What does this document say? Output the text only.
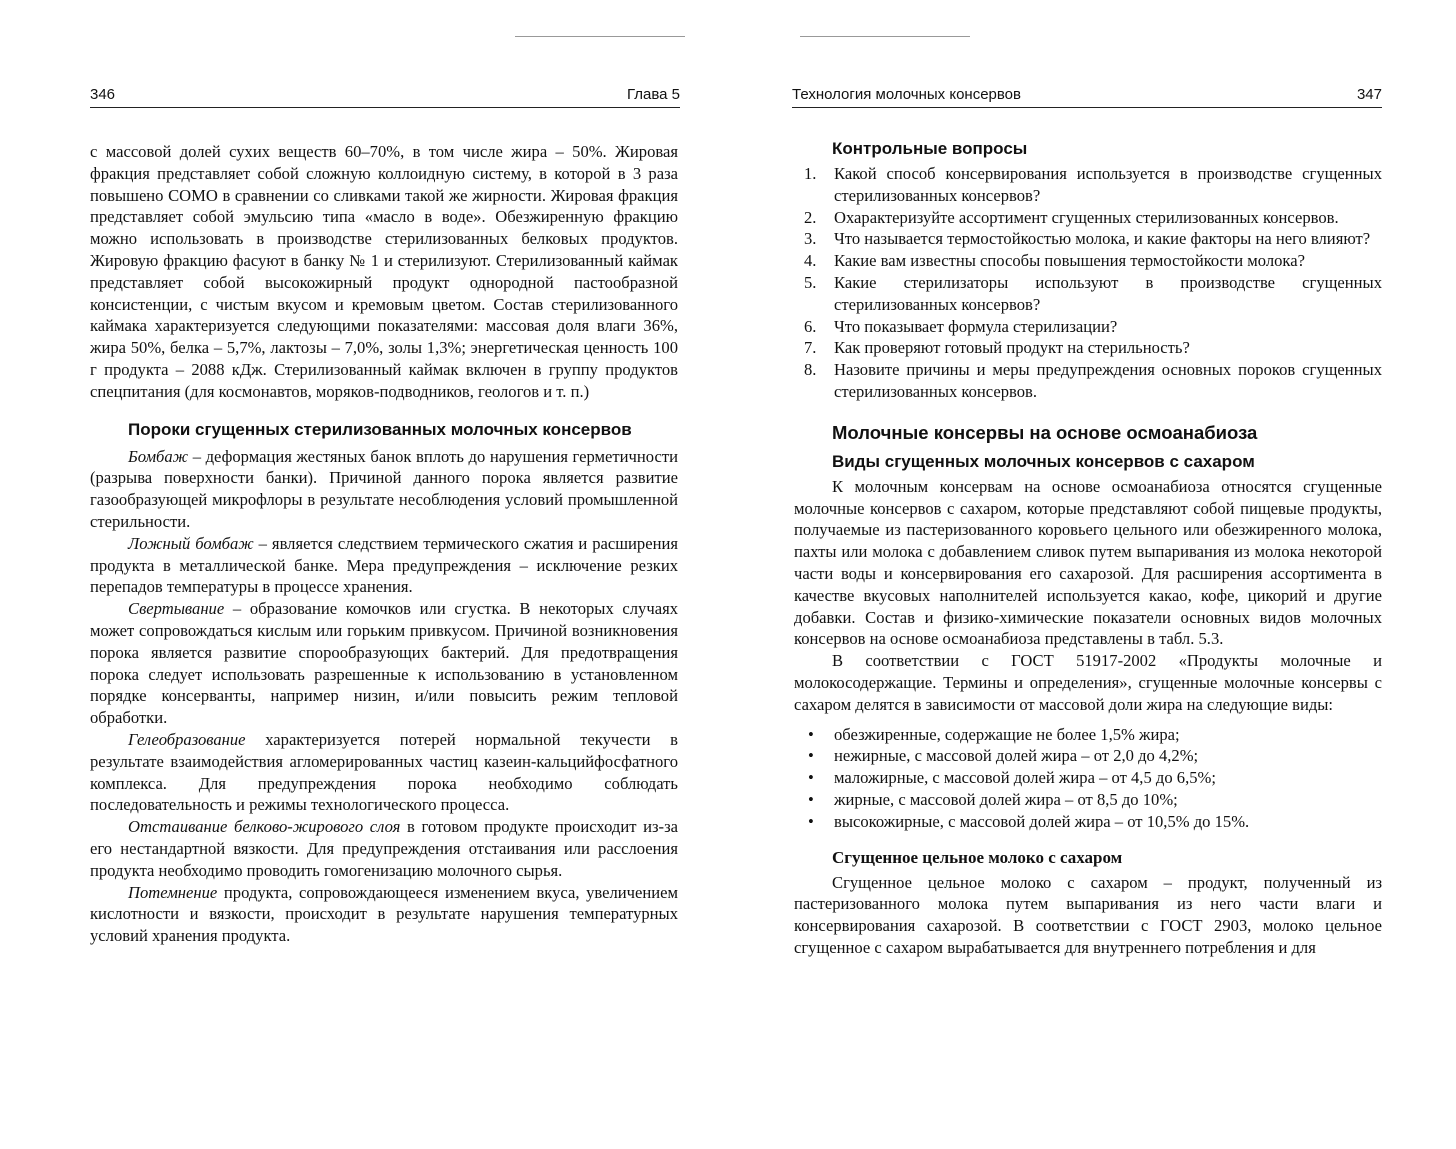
346	Глава 5

с массовой долей сухих веществ 60–70%, в том числе жира – 50%. Жировая фракция представляет собой сложную коллоидную систему, в которой в 3 раза повышено СОМО в сравнении со сливками такой же жирности. Жировая фракция представляет собой эмульсию типа «масло в воде». Обезжиренную фракцию можно использовать в производстве стерилизованных белковых продуктов. Жировую фракцию фасуют в банку № 1 и стерилизуют. Стерилизованный каймак представляет собой высокожирный продукт однородной пастообразной консистенции, с чистым вкусом и кремовым цветом. Состав стерилизованного каймака характеризуется следующими показателями: массовая доля влаги 36%, жира 50%, белка – 5,7%, лактозы – 7,0%, золы 1,3%; энергетическая ценность 100 г продукта – 2088 кДж. Стерилизованный каймак включен в группу продуктов спецпитания (для космонавтов, моряков-подводников, геологов и т. п.)

Пороки сгущенных стерилизованных молочных консервов

Бомбаж – деформация жестяных банок вплоть до нарушения герметичности (разрыва поверхности банки). Причиной данного порока является развитие газообразующей микрофлоры в результате несоблюдения условий промышленной стерильности.

Ложный бомбаж – является следствием термического сжатия и расширения продукта в металлической банке. Мера предупреждения – исключение резких перепадов температуры в процессе хранения.

Свертывание – образование комочков или сгустка. В некоторых случаях может сопровождаться кислым или горьким привкусом. Причиной возникновения порока является развитие спорообразующих бактерий. Для предотвращения порока следует использовать разрешенные к использованию в установленном порядке консерванты, например низин, и/или повысить режим тепловой обработки.

Гелеобразование характеризуется потерей нормальной текучести в результате взаимодействия агломерированных частиц казеин-кальцийфосфатного комплекса. Для предупреждения порока необходимо соблюдать последовательность и режимы технологического процесса.

Отстаивание белково-жирового слоя в готовом продукте происходит из-за его нестандартной вязкости. Для предупреждения отстаивания или расслоения продукта необходимо проводить гомогенизацию молочного сырья.

Потемнение продукта, сопровождающееся изменением вкуса, увеличением кислотности и вязкости, происходит в результате нарушения температурных условий хранения продукта.

Технология молочных консервов	347
Контрольные вопросы
1.	Какой способ консервирования используется в производстве сгущенных стерилизованных консервов?
2.	Охарактеризуйте ассортимент сгущенных стерилизованных консервов.
3.	Что называется термостойкостью молока, и какие факторы на него влияют?
4.	Какие вам известны способы повышения термостойкости молока?
5.	Какие стерилизаторы используют в производстве сгущенных стерилизованных консервов?
6.	Что показывает формула стерилизации?
7.	Как проверяют готовый продукт на стерильность?
8.	Назовите причины и меры предупреждения основных пороков сгущенных стерилизованных консервов.
Молочные консервы на основе осмоанабиоза
Виды сгущенных молочных консервов с сахаром

К молочным консервам на основе осмоанабиоза относятся сгущенные молочные консервов с сахаром, которые представляют собой пищевые продукты, получаемые из пастеризованного коровьего цельного или обезжиренного молока, пахты или молока с добавлением сливок путем выпаривания из молока некоторой части воды и консервирования его сахарозой. Для расширения ассортимента в качестве вкусовых наполнителей используется какао, кофе, цикорий и другие добавки. Состав и физико-химические показатели основных видов молочных консервов на основе осмоанабиоза представлены в табл. 5.3.

В соответствии с ГОСТ 51917-2002 «Продукты молочные и молокосодержащие. Термины и определения», сгущенные молочные консервы с сахаром делятся в зависимости от массовой доли жира на следующие виды:

• обезжиренные, содержащие не более 1,5% жира;
• нежирные, с массовой долей жира – от 2,0 до 4,2%;
• маложирные, с массовой долей жира – от 4,5 до 6,5%;
• жирные, с массовой долей жира – от 8,5 до 10%;
• высокожирные, с массовой долей жира – от 10,5% до 15%.
Сгущенное цельное молоко с сахаром

Сгущенное цельное молоко с сахаром – продукт, полученный из пастеризованного молока путем выпаривания из него части влаги и консервирования сахарозой. В соответствии с ГОСТ 2903, молоко цельное сгущенное с сахаром вырабатывается для внутреннего потребления и для
